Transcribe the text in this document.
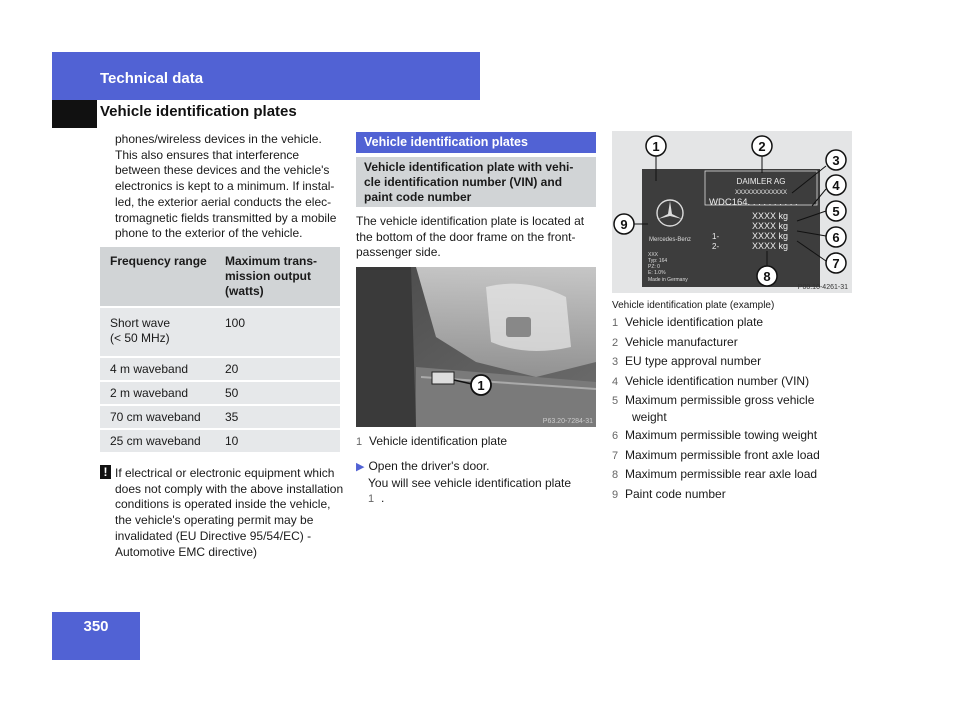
Technical data
Vehicle identification plates
phones/wireless devices in the vehicle. This also ensures that interference between these devices and the vehicle's electronics is kept to a minimum. If instal-led, the exterior aerial conducts the elec-tromagnetic fields transmitted by a mobile phone to the exterior of the vehicle.
Frequency range	Maximum trans-mission output (watts)

Short wave
(< 50 MHz)	100

4 m waveband	20

2 m waveband	50

70 cm waveband	35

25 cm waveband	10
! If electrical or electronic equipment which does not comply with the above installation conditions is operated inside the vehicle, the vehicle's operating permit may be invalidated (EU Directive 95/54/EC) - Automotive EMC directive)
350
Vehicle identification plates
Vehicle identification plate with vehi-cle identification number (VIN) and paint code number
The vehicle identification plate is located at the bottom of the door frame on the front-passenger side.
1
P63.20-7284-31
1 Vehicle identification plate
▶ Open the driver's door.
You will see vehicle identification plate
1 .
Mercedes-Benz
XXX
Typ: 164
PZ: 0
E: 1.0%
Made in Germany
DAIMLER AG
XXXXXXXXXXXXX
WDC164. . . . . . . . . .
XXXX kg
XXXX kg
1-	XXXX kg
2-	XXXX kg
1	2
3
4
5
6
7
8
9
P00.10-4261-31
Vehicle identification plate (example)
1 Vehicle identification plate
2 Vehicle manufacturer
3 EU type approval number
4 Vehicle identification number (VIN)
5 Maximum permissible gross vehicle
weight
6 Maximum permissible towing weight
7 Maximum permissible front axle load
8 Maximum permissible rear axle load
9 Paint code number
